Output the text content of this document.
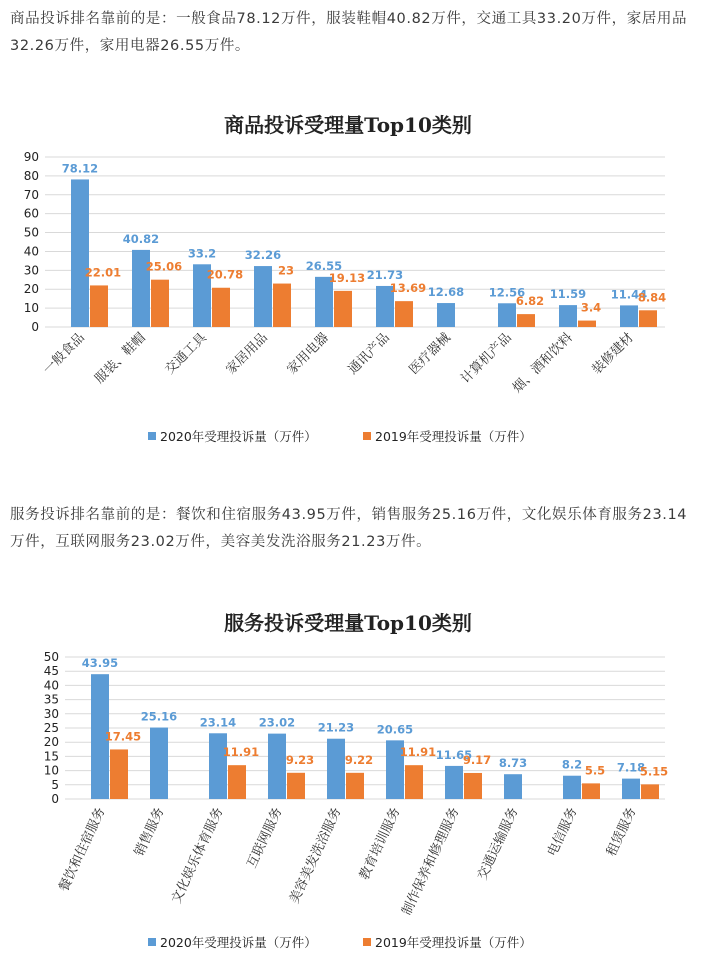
商品投诉排名靠前的是：一般食品78.12万件，服装鞋帽40.82万件，交通工具33.20万件，家居用品32.26万件，家用电器26.55万件。

商品投诉受理量Top10类别
0
10
20
30
40
50
60
70
80
90
78.12
22.01
40.82
25.06
33.2
20.78
32.26
23 26.55
19.13 21.73
13.69 12.68 12.56
6.82
11.59
3.4
11.44
8.84
一般食品 服装、鞋帽 交通工具 家居用品 家用电器 通讯产品 医疗器械 计算机产品
烟、酒和饮料 装修建材
2020年受理投诉量（万件）	2019年受理投诉量（万件）

服务投诉排名靠前的是：餐饮和住宿服务43.95万件，销售服务25.16万件，文化娱乐体育服务23.14万件，互联网服务23.02万件，美容美发洗浴服务21.23万件。

服务投诉受理量Top10类别
0
5
10
15
20
25
30
35
40
45
50 43.95
17.45
25.16 23.14
11.91
23.02
9.23
21.23
9.22
20.65
11.91 11.65
9.17 8.73	8.2 5.5 7.18
5.15
餐饮和住宿服务 销售服务 文化娱乐体育服务 互联网服务 美容美发洗浴服务 教育培训服务
制作保养和修理服务 交通运输服务 电信服务 租赁服务
2020年受理投诉量（万件）	2019年受理投诉量（万件）
